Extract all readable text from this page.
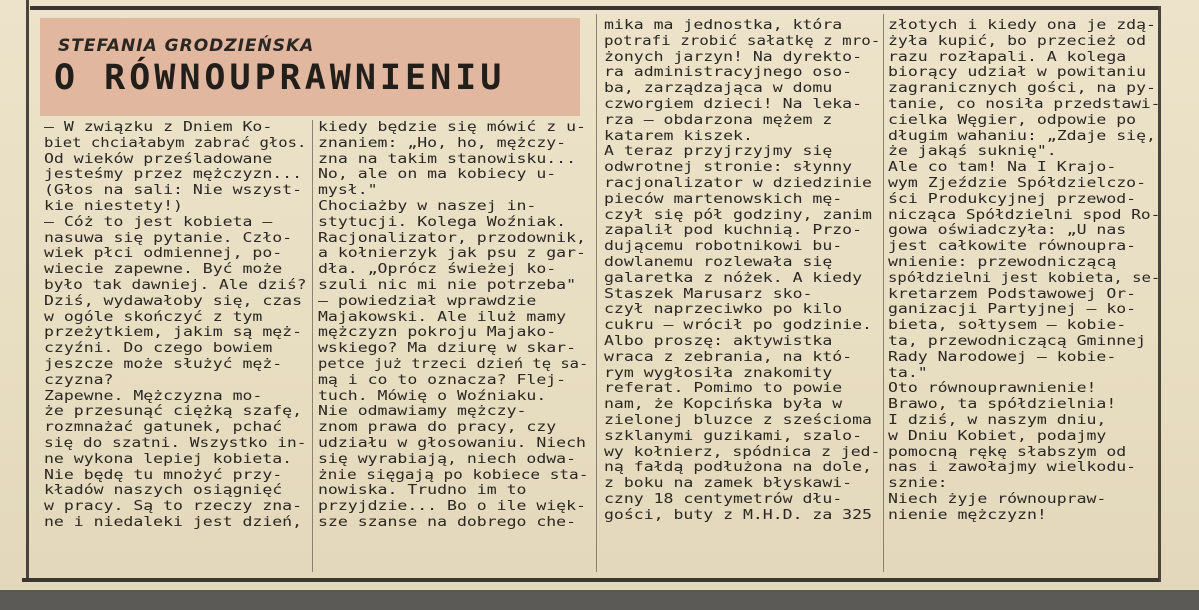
STEFANIA GRODZIEŃSKA
O RÓWNOUPRAWNIENIU
— W związku z Dniem Ko-
biet chciałabym zabrać głos.
Od wieków prześladowane
jesteśmy przez mężczyzn...
(Głos na sali: Nie wszyst-
kie niestety!)
— Cóż to jest kobieta —
nasuwa się pytanie. Czło-
wiek płci odmiennej, po-
wiecie zapewne. Być może
było tak dawniej. Ale dziś?
Dziś, wydawałoby się, czas
w ogóle skończyć z tym
przeżytkiem, jakim są męż-
czyźni. Do czego bowiem
jeszcze może służyć męż-
czyzna?
Zapewne. Mężczyzna mo-
że przesunąć ciężką szafę,
rozmnażać gatunek, pchać
się do szatni. Wszystko in-
ne wykona lepiej kobieta.
Nie będę tu mnożyć przy-
kładów naszych osiągnięć
w pracy. Są to rzeczy zna-
ne i niedaleki jest dzień,
kiedy będzie się mówić z u-
znaniem: „Ho, ho, mężczy-
zna na takim stanowisku...
No, ale on ma kobiecy u-
mysł."
Chociażby w naszej in-
stytucji. Kolega Woźniak.
Racjonalizator, przodownik,
a kołnierzyk jak psu z gar-
dła. „Oprócz świeżej ko-
szuli nic mi nie potrzeba"
— powiedział wprawdzie
Majakowski. Ale iluż mamy
mężczyzn pokroju Majako-
wskiego? Ma dziurę w skar-
petce już trzeci dzień tę sa-
mą i co to oznacza? Flej-
tuch. Mówię o Woźniaku.
Nie odmawiamy mężczy-
znom prawa do pracy, czy
udziału w głosowaniu. Niech
się wyrabiają, niech odwa-
żnie sięgają po kobiece sta-
nowiska. Trudno im to
przyjdzie... Bo o ile więk-
sze szanse na dobrego che-
mika ma jednostka, która
potrafi zrobić sałatkę z mro-
żonych jarzyn! Na dyrekto-
ra administracyjnego oso-
ba, zarządzająca w domu
czworgiem dzieci! Na leka-
rza — obdarzona mężem z
katarem kiszek.
A teraz przyjrzyjmy się
odwrotnej stronie: słynny
racjonalizator w dziedzinie
pieców martenowskich mę-
czył się pół godziny, zanim
zapalił pod kuchnią. Przo-
dującemu robotnikowi bu-
dowlanemu rozlewała się
galaretka z nóżek. A kiedy
Staszek Marusarz sko-
czył naprzeciwko po kilo
cukru — wrócił po godzinie.
Albo proszę: aktywistka
wraca z zebrania, na któ-
rym wygłosiła znakomity
referat. Pomimo to powie
nam, że Kopcińska była w
zielonej bluzce z sześcioma
szklanymi guzikami, szalo-
wy kołnierz, spódnica z jed-
ną fałdą podłużona na dole,
z boku na zamek błyskawi-
czny 18 centymetrów dłu-
gości, buty z M.H.D. za 325
złotych i kiedy ona je zdą-
żyła kupić, bo przecież od
razu rozłapali. A kolega
biorący udział w powitaniu
zagranicznych gości, na py-
tanie, co nosiła przedstawi-
cielka Węgier, odpowie po
długim wahaniu: „Zdaje się,
że jakąś suknię".
Ale co tam! Na I Krajo-
wym Zjeździe Spółdzielczo-
ści Produkcyjnej przewod-
nicząca Spółdzielni spod Ro-
gowa oświadczyła: „U nas
jest całkowite równoupra-
wnienie: przewodniczącą
spółdzielni jest kobieta, se-
kretarzem Podstawowej Or-
ganizacji Partyjnej — ko-
bieta, sołtysem — kobie-
ta, przewodniczącą Gminnej
Rady Narodowej — kobie-
ta."
Oto równouprawnienie!
Brawo, ta spółdzielnia!
I dziś, w naszym dniu,
w Dniu Kobiet, podajmy
pomocną rękę słabszym od
nas i zawołajmy wielkodu-
sznie:
Niech żyje równoupraw-
nienie mężczyzn!
